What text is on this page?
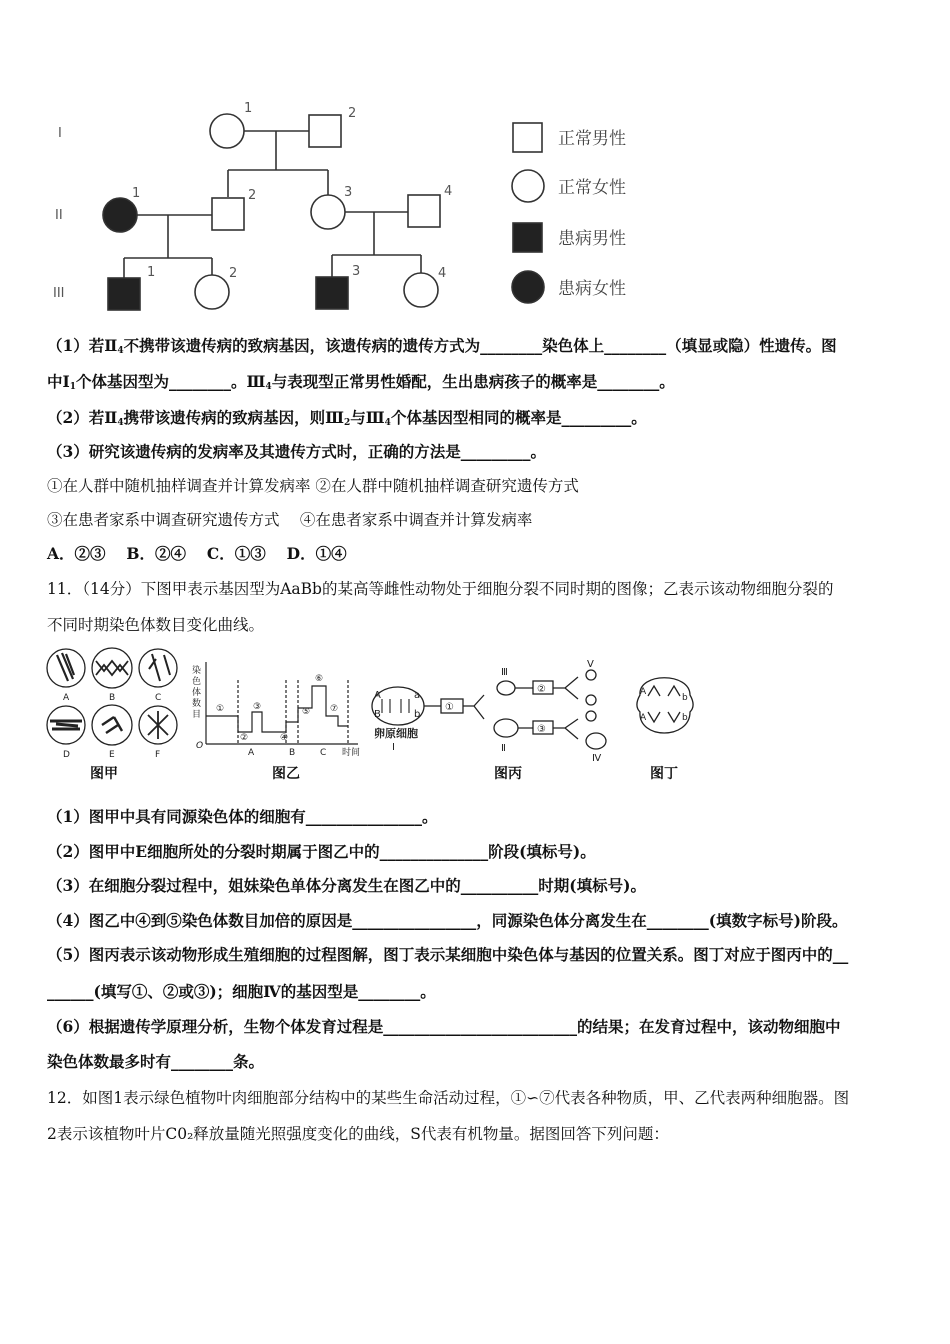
I
II
III
1	2
1	2	3	4
1	2	3	4
正常男性
正常女性
患病男性
患病女性
（1）若$Ⅱ_4$不携带该遗传病的致病基因，该遗传病的遗传方式为________染色体上________（填显或隐）性遗传。图
中$Ⅰ_1$个体基因型为________。$Ⅲ_4$与表现型正常男性婚配，生出患病孩子的概率是________。
（2）若$Ⅱ_4$携带该遗传病的致病基因，则$Ⅲ_2$与$Ⅲ_4$个体基因型相同的概率是_________。
（3）研究该遗传病的发病率及其遗传方式时，正确的方法是_________。
①在人群中随机抽样调查并计算发病率 ②在人群中随机抽样调查研究遗传方式
③在患者家系中调查研究遗传方式　 ④在患者家系中调查并计算发病率
A．②③　 B．②④　 C．①③　 D．①④
11．（14分）下图甲表示基因型为AaBb的某高等雌性动物处于细胞分裂不同时期的图像；乙表示该动物细胞分裂的
不同时期染色体数目变化曲线。
A	B	C
D	E	F
图甲
染
色
体
数
目
O
①
②
③
④
⑤
⑥
⑦
A	B	C 时间
图乙
A	a
B	b
卵原细胞
Ⅰ
①
②
③
Ⅲ
Ⅱ
Ⅴ
Ⅳ
图丙
A
b
A	b
图丁
（1）图甲中具有同源染色体的细胞有_______________。
（2）图甲中E细胞所处的分裂时期属于图乙中的______________阶段(填标号)。
（3）在细胞分裂过程中，姐妹染色单体分离发生在图乙中的__________时期(填标号)。
（4）图乙中④到⑤染色体数目加倍的原因是________________，同源染色体分离发生在________(填数字标号)阶段。
（5）图丙表示该动物形成生殖细胞的过程图解，图丁表示某细胞中染色体与基因的位置关系。图丁对应于图丙中的__
______(填写①、②或③)；细胞Ⅳ的基因型是________。
（6）根据遗传学原理分析，生物个体发育过程是_________________________的结果；在发育过程中，该动物细胞中
染色体数最多时有________条。
12．如图1表示绿色植物叶肉细胞部分结构中的某些生命活动过程，①∽⑦代表各种物质，甲、乙代表两种细胞器。图
2表示该植物叶片C0₂释放量随光照强度变化的曲线，S代表有机物量。据图回答下列问题：
